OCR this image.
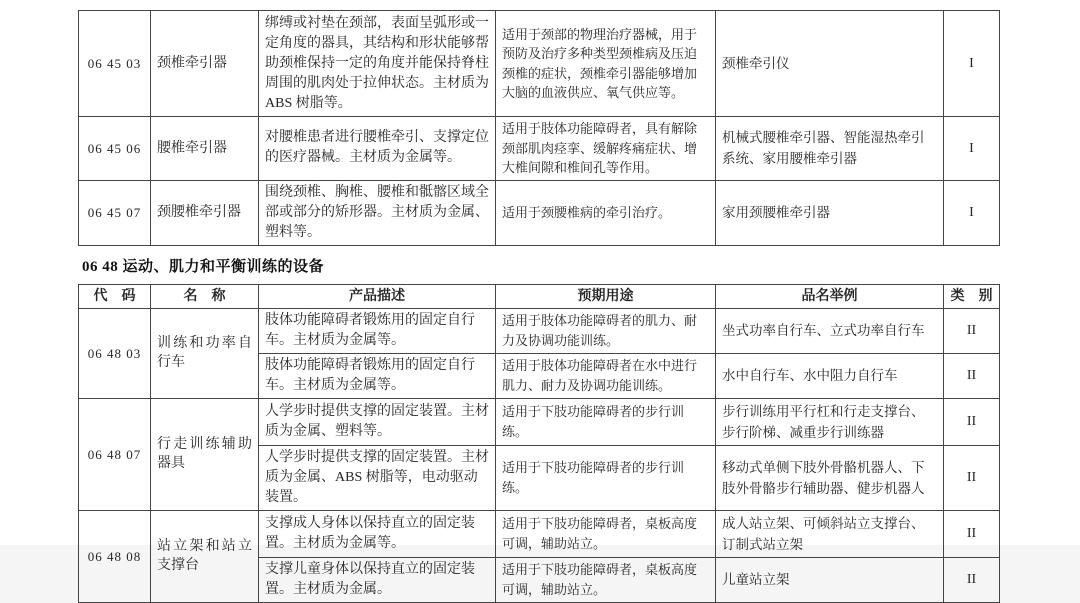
06 45 03	颈椎牵引器	绑缚或衬垫在颈部，表面呈弧形或一定角度的器具，其结构和形状能够帮助颈椎保持一定的角度并能保持脊柱周围的肌肉处于拉伸状态。主材质为ABS 树脂等。	适用于颈部的物理治疗器械，用于预防及治疗多种类型颈椎病及压迫颈椎的症状，颈椎牵引器能够增加大脑的血液供应、氧气供应等。	颈椎牵引仪	I
06 45 06	腰椎牵引器	对腰椎患者进行腰椎牵引、支撑定位的医疗器械。主材质为金属等。	适用于肢体功能障碍者，具有解除颈部肌肉痉挛、缓解疼痛症状、增大椎间隙和椎间孔等作用。	机械式腰椎牵引器、智能湿热牵引系统、家用腰椎牵引器	I
06 45 07	颈腰椎牵引器	围绕颈椎、胸椎、腰椎和骶髂区域全部或部分的矫形器。主材质为金属、塑料等。	适用于颈腰椎病的牵引治疗。	家用颈腰椎牵引器	I
06 48 运动、肌力和平衡训练的设备
代　码	名　称	产品描述	预期用途	品名举例	类　别
06 48 03	训练和功率自行车	肢体功能障碍者锻炼用的固定自行车。主材质为金属等。	适用于肢体功能障碍者的肌力、耐力及协调功能训练。	坐式功率自行车、立式功率自行车	II
		肢体功能障碍者锻炼用的固定自行车。主材质为金属等。	适用于肢体功能障碍者在水中进行肌力、耐力及协调功能训练。	水中自行车、水中阻力自行车	II
06 48 07	行走训练辅助器具	人学步时提供支撑的固定装置。主材质为金属、塑料等。	适用于下肢功能障碍者的步行训练。	步行训练用平行杠和行走支撑台、步行阶梯、减重步行训练器	II
		人学步时提供支撑的固定装置。主材质为金属、ABS 树脂等，电动驱动装置。	适用于下肢功能障碍者的步行训练。	移动式单侧下肢外骨骼机器人、下肢外骨骼步行辅助器、健步机器人	II
06 48 08	站立架和站立支撑台	支撑成人身体以保持直立的固定装置。主材质为金属等。	适用于下肢功能障碍者，桌板高度可调，辅助站立。	成人站立架、可倾斜站立支撑台、订制式站立架	II
		支撑儿童身体以保持直立的固定装置。主材质为金属。	适用于下肢功能障碍者，桌板高度可调，辅助站立。	儿童站立架	II
